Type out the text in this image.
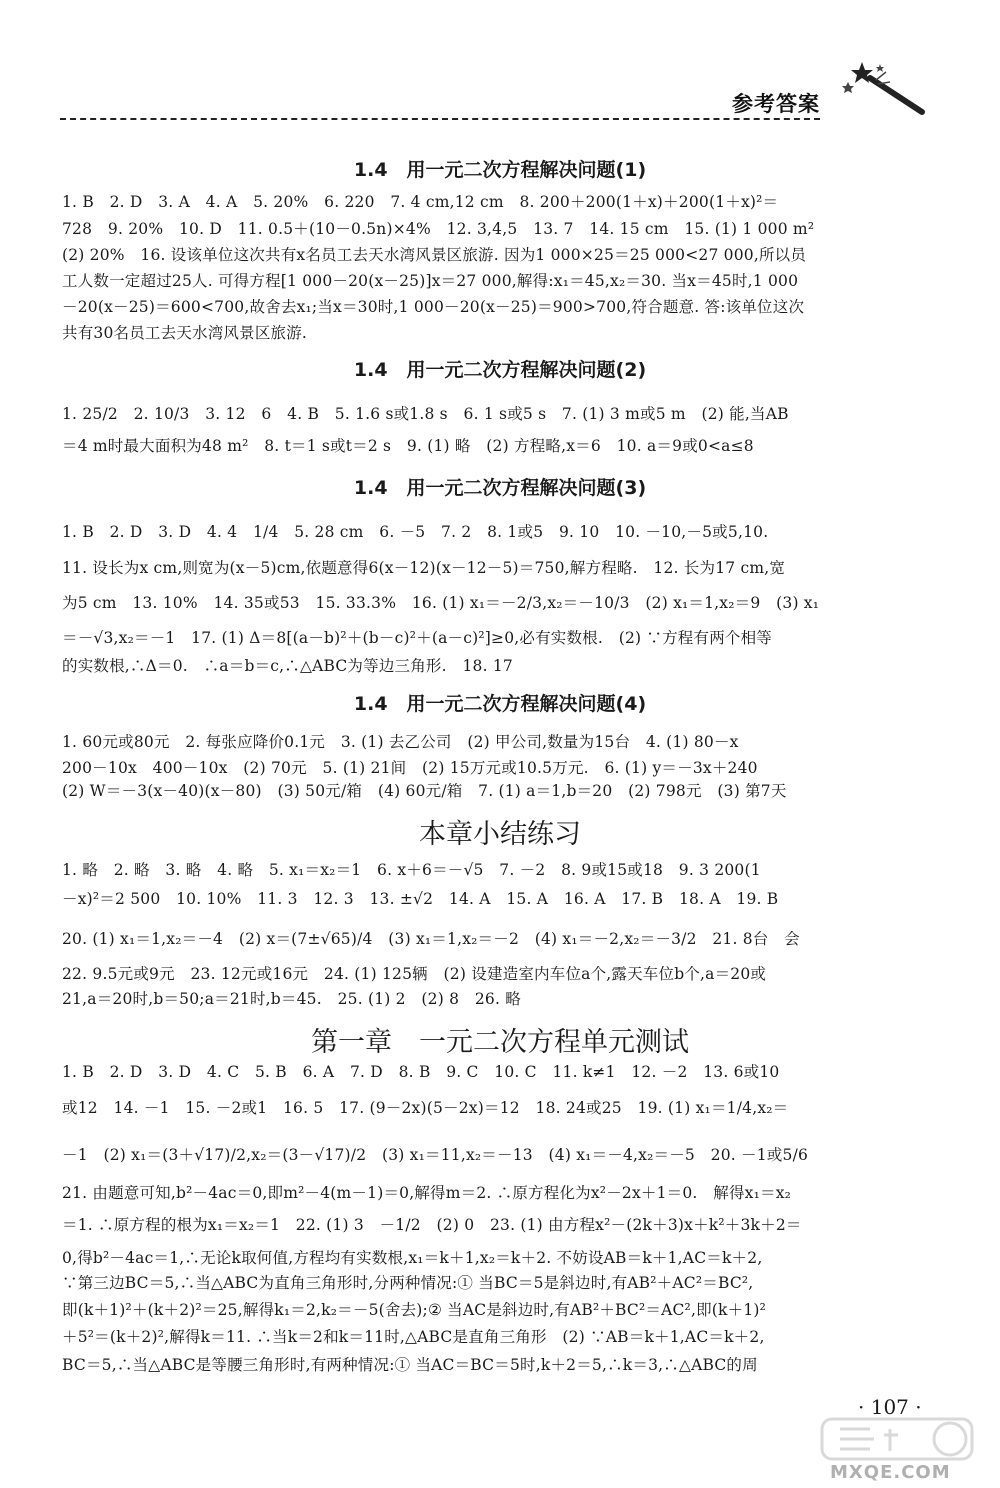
参考答案
1.4　用一元二次方程解决问题(1)
1. B　2. D　3. A　4. A　5. 20%　6. 220　7. 4 cm,12 cm　8. 200＋200(1＋x)＋200(1＋x)²＝
728　9. 20%　10. D　11. 0.5＋(10－0.5n)×4%　12. 3,4,5　13. 7　14. 15 cm　15. (1) 1 000 m²
(2) 20%　16. 设该单位这次共有x名员工去天水湾风景区旅游. 因为1 000×25＝25 000<27 000,所以员
工人数一定超过25人. 可得方程[1 000－20(x－25)]x＝27 000,解得:x₁＝45,x₂＝30. 当x＝45时,1 000
－20(x－25)＝600<700,故舍去x₁;当x＝30时,1 000－20(x－25)＝900>700,符合题意. 答:该单位这次
共有30名员工去天水湾风景区旅游.
1.4　用一元二次方程解决问题(2)
1. 25/2　2. 10/3　3. 12　6　4. B　5. 1.6 s或1.8 s　6. 1 s或5 s　7. (1) 3 m或5 m　(2) 能,当AB
＝4 m时最大面积为48 m²　8. t＝1 s或t＝2 s　9. (1) 略　(2) 方程略,x＝6　10. a＝9或0<a≤8
1.4　用一元二次方程解决问题(3)
1. B　2. D　3. D　4. 4　1/4　5. 28 cm　6. －5　7. 2　8. 1或5　9. 10　10. －10,－5或5,10.
11. 设长为x cm,则宽为(x－5)cm,依题意得6(x－12)(x－12－5)＝750,解方程略.　12. 长为17 cm,宽
为5 cm　13. 10%　14. 35或53　15. 33.3%　16. (1) x₁＝－2/3,x₂＝－10/3　(2) x₁＝1,x₂＝9　(3) x₁
＝－√3,x₂＝－1　17. (1) Δ＝8[(a－b)²＋(b－c)²＋(a－c)²]≥0,必有实数根.　(2) ∵方程有两个相等
的实数根,∴Δ＝0.　∴a＝b＝c,∴△ABC为等边三角形.　18. 17
1.4　用一元二次方程解决问题(4)
1. 60元或80元　2. 每张应降价0.1元　3. (1) 去乙公司　(2) 甲公司,数量为15台　4. (1) 80－x
200－10x　400－10x　(2) 70元　5. (1) 21间　(2) 15万元或10.5万元.　6. (1) y＝－3x＋240
(2) W＝－3(x－40)(x－80)　(3) 50元/箱　(4) 60元/箱　7. (1) a＝1,b＝20　(2) 798元　(3) 第7天
本章小结练习
1. 略　2. 略　3. 略　4. 略　5. x₁＝x₂＝1　6. x＋6＝－√5　7. －2　8. 9或15或18　9. 3 200(1
－x)²＝2 500　10. 10%　11. 3　12. 3　13. ±√2　14. A　15. A　16. A　17. B　18. A　19. B
20. (1) x₁＝1,x₂＝－4　(2) x＝(7±√65)/4　(3) x₁＝1,x₂＝－2　(4) x₁＝－2,x₂＝－3/2　21. 8台　会
22. 9.5元或9元　23. 12元或16元　24. (1) 125辆　(2) 设建造室内车位a个,露天车位b个,a＝20或
21,a＝20时,b＝50;a＝21时,b＝45.　25. (1) 2　(2) 8　26. 略
第一章　一元二次方程单元测试
1. B　2. D　3. D　4. C　5. B　6. A　7. D　8. B　9. C　10. C　11. k≠1　12. －2　13. 6或10
或12　14. －1　15. －2或1　16. 5　17. (9－2x)(5－2x)＝12　18. 24或25　19. (1) x₁＝1/4,x₂＝
－1　(2) x₁＝(3＋√17)/2,x₂＝(3－√17)/2　(3) x₁＝11,x₂＝－13　(4) x₁＝－4,x₂＝－5　20. －1或5/6
21. 由题意可知,b²－4ac＝0,即m²－4(m－1)＝0,解得m＝2. ∴原方程化为x²－2x＋1＝0.　解得x₁＝x₂
＝1. ∴原方程的根为x₁＝x₂＝1　22. (1) 3　－1/2　(2) 0　23. (1) 由方程x²－(2k＋3)x＋k²＋3k＋2＝
0,得b²－4ac＝1,∴无论k取何值,方程均有实数根,x₁＝k＋1,x₂＝k＋2. 不妨设AB＝k＋1,AC＝k＋2,
∵第三边BC＝5,∴当△ABC为直角三角形时,分两种情况:① 当BC＝5是斜边时,有AB²＋AC²＝BC²,
即(k＋1)²＋(k＋2)²＝25,解得k₁＝2,k₂＝－5(舍去);② 当AC是斜边时,有AB²＋BC²＝AC²,即(k＋1)²
＋5²＝(k＋2)²,解得k＝11. ∴当k＝2和k＝11时,△ABC是直角三角形　(2) ∵AB＝k＋1,AC＝k＋2,
BC＝5,∴当△ABC是等腰三角形时,有两种情况:① 当AC＝BC＝5时,k＋2＝5,∴k＝3,∴△ABC的周
· 107 ·
MXQE.COM
